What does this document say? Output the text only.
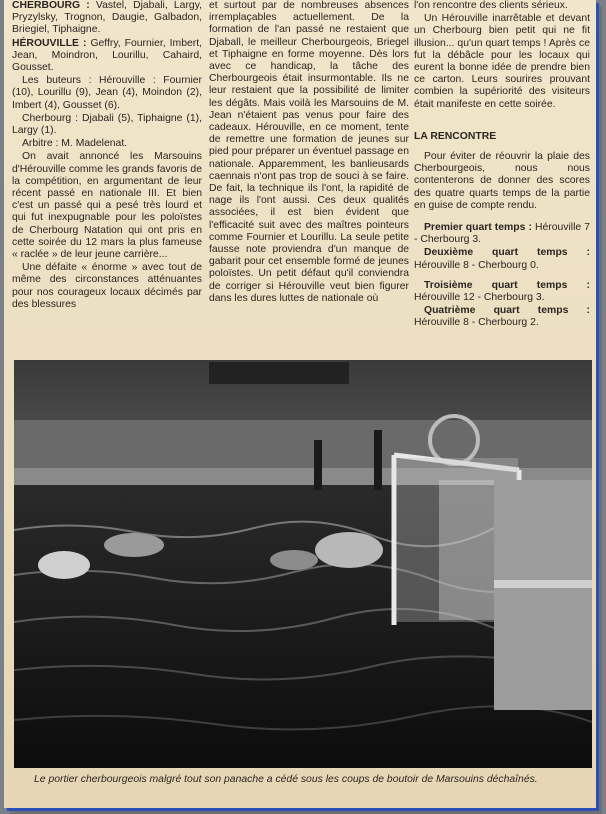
CHERBOURG : Vastel, Djabali, Largy, Pryzylsky, Trognon, Daugie, Galbadon, Briegiel, Tiphaigne.

HÉROUVILLE : Geffry, Fournier, Imbert, Jean, Moindron, Lourillu, Cahaird, Gousset.

Les buteurs : Hérouville : Fournier (10), Lourillu (9), Jean (4), Moindon (2), Imbert (4), Gousset (6).

Cherbourg : Djabali (5), Tiphaigne (1), Largy (1).

Arbitre : M. Madelenat.

On avait annoncé les Marsouins d'Hérouville comme les grands favoris de la compétition, en argumentant de leur récent passé en nationale III. Et bien c'est un passé qui a pesé très lourd et qui fut inexpugnable pour les poloïstes de Cherbourg Natation qui ont pris en cette soirée du 12 mars la plus fameuse « raclée » de leur jeune carrière...

Une défaite « énorme » avec tout de même des circonstances atténuantes pour nos courageux locaux décimés par des blessures

et surtout par de nombreuses absences irremplaçables actuellement. De la formation de l'an passé ne restaient que Djaball, le meilleur Cherbourgeois, Briegel et Tiphaigne en forme moyenne. Dès lors avec ce handicap, la tâche des Cherbourgeois était insurmontable. Ils ne leur restaient que la possibilité de limiter les dégâts. Mais voilà les Marsouins de M. Jean n'étaient pas venus pour faire des cadeaux. Hérouville, en ce moment, tente de remettre une formation de jeunes sur pied pour préparer un éventuel passage en nationale. Apparemment, les banlieusards caennais n'ont pas trop de souci à se faire. De fait, la technique ils l'ont, la rapidité de nage ils l'ont aussi. Ces deux qualités associées, il est bien évident que l'efficacité suit avec des maîtres pointeurs comme Fournier et Lourillu. La seule petite fausse note proviendra d'un manque de gabarit pour cet ensemble formé de jeunes poloïstes. Un petit défaut qu'il conviendra de corriger si Hérouville veut bien figurer dans les dures luttes de nationale où

l'on rencontre des clients sérieux.

Un Hérouville inarrêtable et devant un Cherbourg bien petit qui ne fit illusion... qu'un quart temps ! Après ce fut la débâcle pour les locaux qui eurent la bonne idée de prendre bien ce carton. Leurs sourires prouvant combien la supériorité des visiteurs était manifeste en cette soirée.

LA RENCONTRE

Pour éviter de réouvrir la plaie des Cherbourgeois, nous nous contenterons de donner des scores des quatre quarts temps de la partie en guise de compte rendu.

Premier quart temps : Hérouville 7 - Cherbourg 3.

Deuxième quart temps : Hérouville 8 - Cherbourg 0.

Troisième quart temps : Hérouville 12 - Cherbourg 3.

Quatrième quart temps : Hérouville 8 - Cherbourg 2.

Le portier cherbourgeois malgré tout son panache a cédé sous les coups de boutoir de Marsouins déchaînés.
